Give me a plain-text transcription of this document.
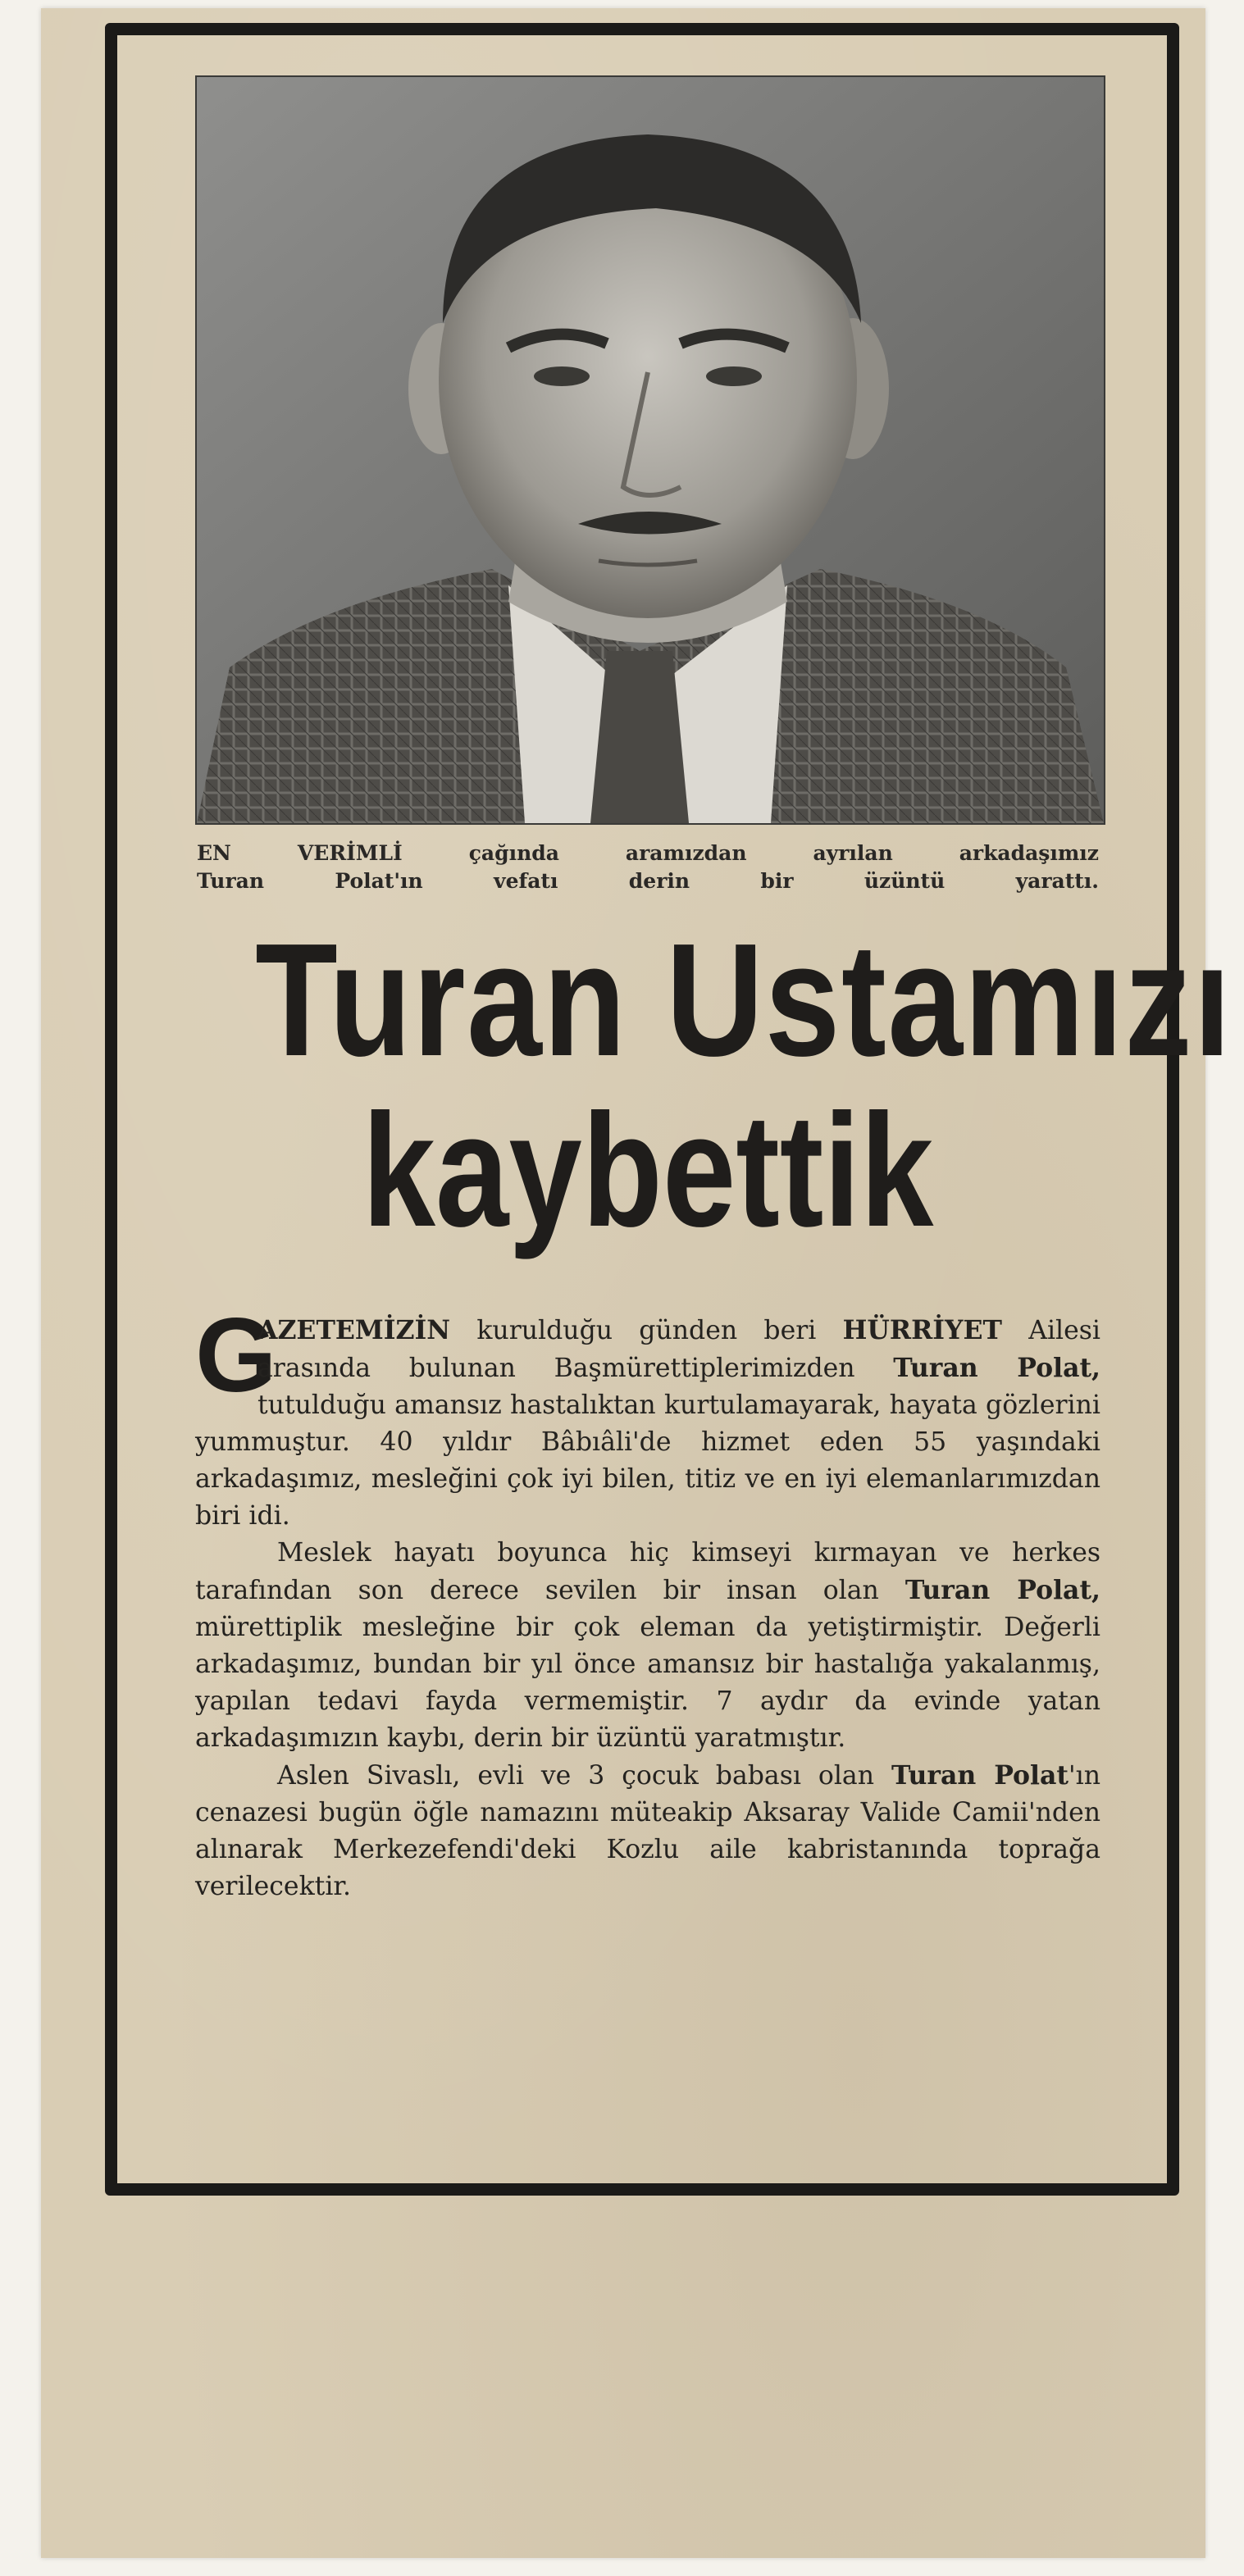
EN VERİMLİ çağında aramızdan ayrılan arkadaşımız
Turan Polat'ın vefatı derin bir üzüntü yarattı.
Turan Ustamızı
kaybettik

G
AZETEMİZİN kurulduğu günden beri HÜRRİYET Ailesi arasında bulunan Başmürettiplerimizden Turan Polat, tutulduğu amansız hastalıktan kurtulamayarak, hayata gözlerini yummuştur. 40 yıldır Bâbıâli'de hizmet eden 55 yaşındaki arkadaşımız, mesleğini çok iyi bilen, titiz ve en iyi elemanlarımızdan biri idi.

Meslek hayatı boyunca hiç kimseyi kırmayan ve herkes tarafından son derece sevilen bir insan olan Turan Polat, mürettiplik mesleğine bir çok eleman da yetiştirmiştir. Değerli arkadaşımız, bundan bir yıl önce amansız bir hastalığa yakalanmış, yapılan tedavi fayda vermemiştir. 7 aydır da evinde yatan arkadaşımızın kaybı, derin bir üzüntü yaratmıştır.

Aslen Sivaslı, evli ve 3 çocuk babası olan Turan Polat'ın cenazesi bugün öğle namazını müteakip Aksaray Valide Camii'nden alınarak Merkezefendi'deki Kozlu aile kabristanında toprağa verilecektir.
